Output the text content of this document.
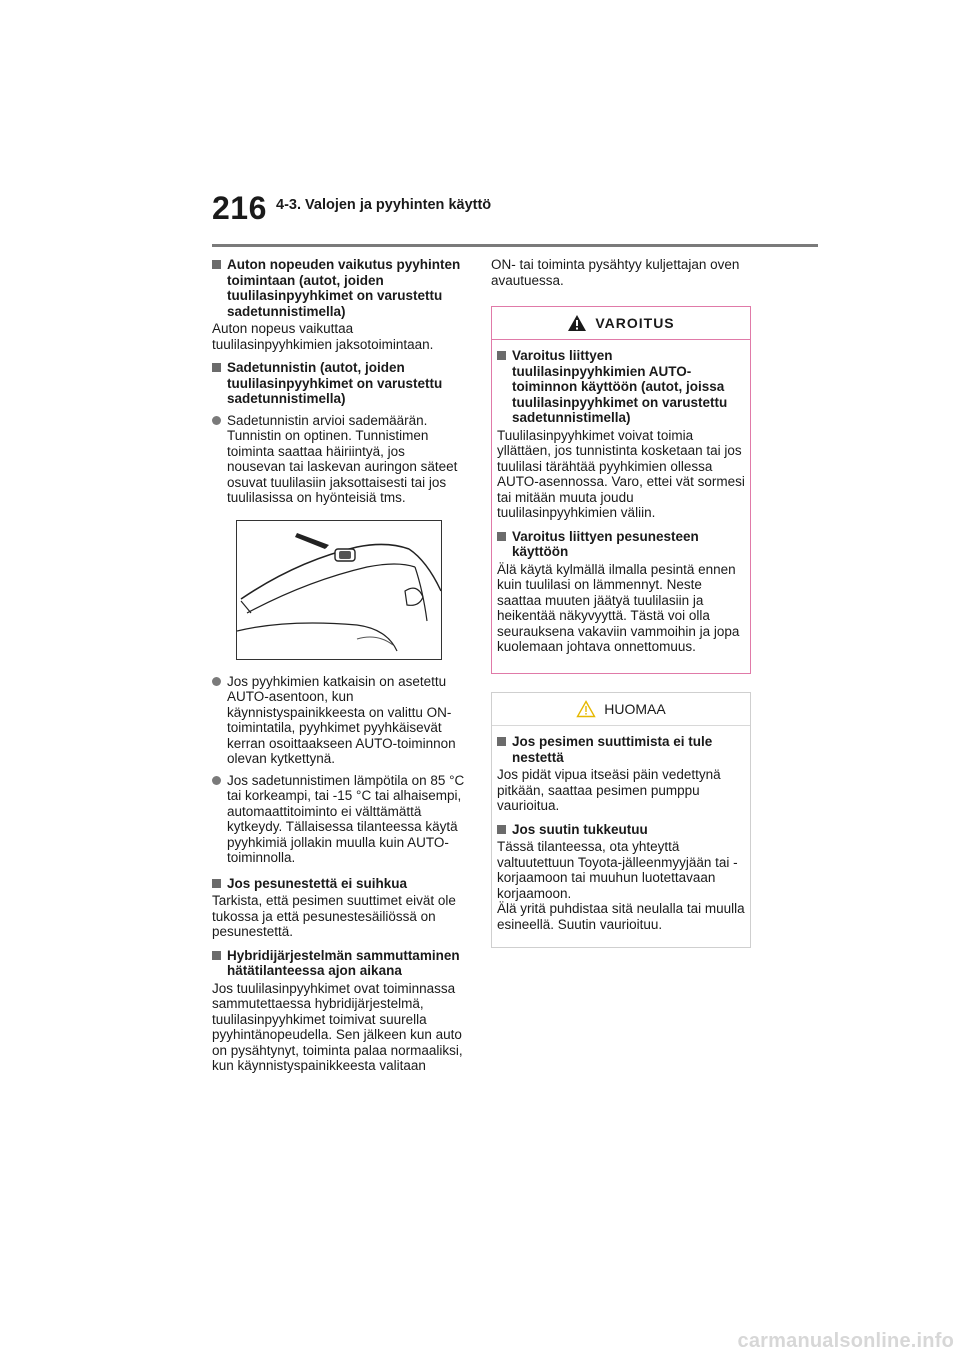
216 4-3. Valojen ja pyyhinten käyttö
Auton nopeuden vaikutus pyyhinten toimintaan (autot, joiden tuulilasinpyyhkimet on varustettu sadetunnistimella)

Auton nopeus vaikuttaa tuulilasinpyyhkimien jaksotoimintaan.

Sadetunnistin (autot, joiden tuulilasinpyyhkimet on varustettu sadetunnistimella)
Sadetunnistin arvioi sademäärän. Tunnistin on optinen. Tunnistimen toiminta saattaa häiriintyä, jos nousevan tai laskevan auringon säteet osuvat tuulilasiin jaksottaisesti tai jos tuulilasissa on hyönteisiä tms.
Jos pyyhkimien katkaisin on asetettu AUTO-asentoon, kun käynnistyspainikkeesta on valittu ON-toimintatila, pyyhkimet pyyhkäisevät kerran osoittaakseen AUTO-toiminnon olevan kytkettynä.
Jos sadetunnistimen lämpötila on 85 °C tai korkeampi, tai -15 °C tai alhaisempi, automaattitoiminto ei välttämättä kytkeydy. Tällaisessa tilanteessa käytä pyyhkimiä jollakin muulla kuin AUTO-toiminnolla.
Jos pesunestettä ei suihkua

Tarkista, että pesimen suuttimet eivät ole tukossa ja että pesunestesäiliössä on pesunestettä.

Hybridijärjestelmän sammuttaminen hätätilanteessa ajon aikana

Jos tuulilasinpyyhkimet ovat toiminnassa sammutettaessa hybridijärjestelmä, tuulilasinpyyhkimet toimivat suurella pyyhintänopeudella. Sen jälkeen kun auto on pysähtynyt, toiminta palaa normaaliksi, kun käynnistyspainikkeesta valitaan

ON- tai toiminta pysähtyy kuljettajan oven avautuessa.

VAROITUS
Varoitus liittyen tuulilasinpyyhkimien AUTO-toiminnon käyttöön (autot, joissa tuulilasinpyyhkimet on varustettu sadetunnistimella)

Tuulilasinpyyhkimet voivat toimia yllättäen, jos tunnistinta kosketaan tai jos tuulilasi tärähtää pyyhkimien ollessa AUTO-asennossa. Varo, ettei vät sormesi tai mitään muuta joudu tuulilasinpyyhkimien väliin.

Varoitus liittyen pesunesteen käyttöön

Älä käytä kylmällä ilmalla pesintä ennen kuin tuulilasi on lämmennyt. Neste saattaa muuten jäätyä tuulilasiin ja heikentää näkyvyyttä. Tästä voi olla seurauksena vakaviin vammoihin ja jopa kuolemaan johtava onnettomuus.

HUOMAA
Jos pesimen suuttimista ei tule nestettä

Jos pidät vipua itseäsi päin vedettynä pitkään, saattaa pesimen pumppu vaurioitua.

Jos suutin tukkeutuu

Tässä tilanteessa, ota yhteyttä valtuutettuun Toyota-jälleenmyyjään tai -korjaamoon tai muuhun luotettavaan korjaamoon.

Älä yritä puhdistaa sitä neulalla tai muulla esineellä. Suutin vaurioituu.

carmanualsonline.info
